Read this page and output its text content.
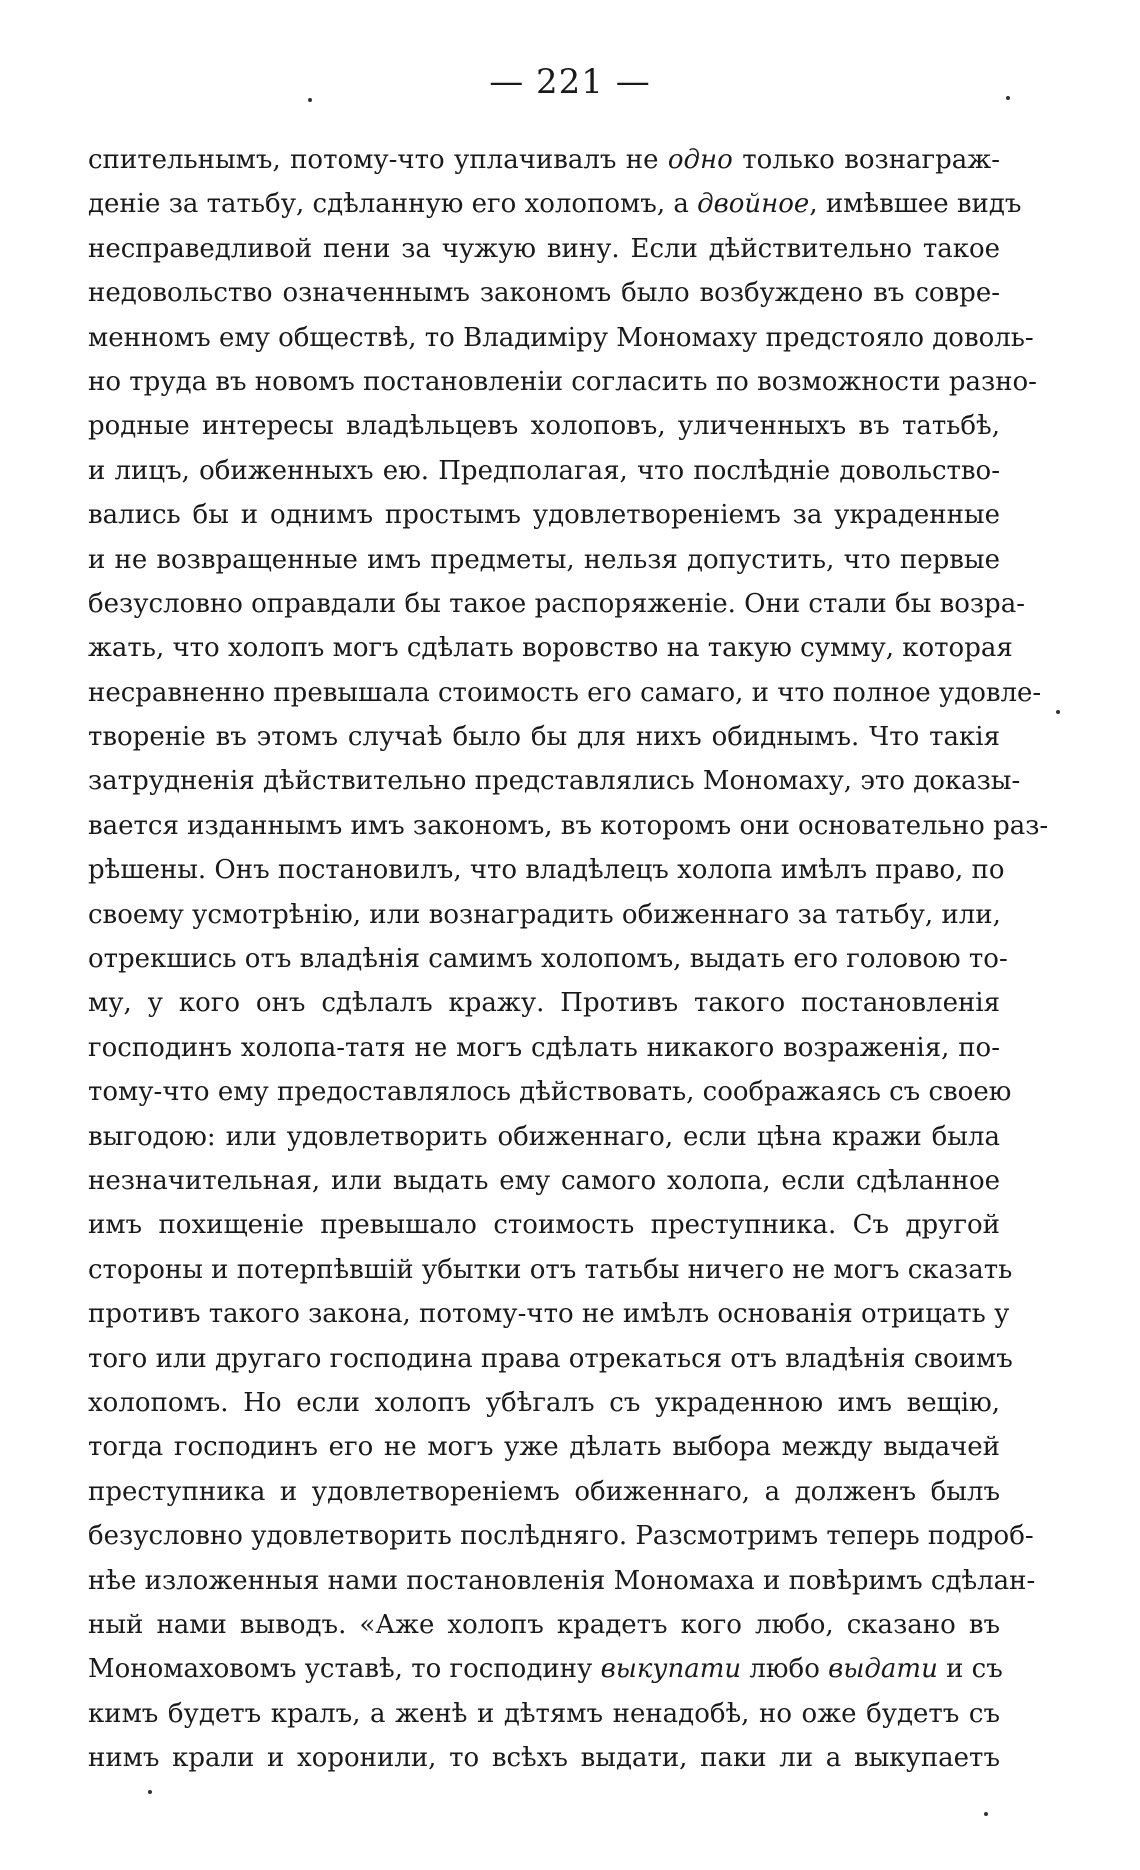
— 221 —

спительнымъ, потому-что уплачивалъ не одно только вознаграж-
деніе за татьбу, сдѣланную его холопомъ, а двойное, имѣвшее видъ
несправедливой пени за чужую вину. Если дѣйствительно такое
недовольство означеннымъ закономъ было возбуждено въ совре-
менномъ ему обществѣ, то Владиміру Мономаху предстояло доволь-
но труда въ новомъ постановленіи согласить по возможности разно-
родные интересы владѣльцевъ холоповъ, уличенныхъ въ татьбѣ,
и лицъ, обиженныхъ ею. Предполагая, что послѣдніе довольство-
вались бы и однимъ простымъ удовлетвореніемъ за украденные
и не возвращенные имъ предметы, нельзя допустить, что первые
безусловно оправдали бы такое распоряженіе. Они стали бы возра-
жать, что холопъ могъ сдѣлать воровство на такую сумму, которая
несравненно превышала стоимость его самаго, и что полное удовле-
твореніе въ этомъ случаѣ было бы для нихъ обиднымъ. Что такія
затрудненія дѣйствительно представлялись Мономаху, это доказы-
вается изданнымъ имъ закономъ, въ которомъ они основательно раз-
рѣшены. Онъ постановилъ, что владѣлецъ холопа имѣлъ право, по
своему усмотрѣнію, или вознаградить обиженнаго за татьбу, или,
отрекшись отъ владѣнія самимъ холопомъ, выдать его головою то-
му, у кого онъ сдѣлалъ кражу. Противъ такого постановленія
господинъ холопа-татя не могъ сдѣлать никакого возраженія, по-
тому-что ему предоставлялось дѣйствовать, соображаясь съ своею
выгодою: или удовлетворить обиженнаго, если цѣна кражи была
незначительная, или выдать ему самого холопа, если сдѣланное
имъ похищеніе превышало стоимость преступника. Съ другой
стороны и потерпѣвшій убытки отъ татьбы ничего не могъ сказать
противъ такого закона, потому-что не имѣлъ основанія отрицать у
того или другаго господина права отрекаться отъ владѣнія своимъ
холопомъ. Но если холопъ убѣгалъ съ украденною имъ вещію,
тогда господинъ его не могъ уже дѣлать выбора между выдачей
преступника и удовлетвореніемъ обиженнаго, а долженъ былъ
безусловно удовлетворить послѣдняго. Разсмотримъ теперь подроб-
нѣе изложенныя нами постановленія Мономаха и повѣримъ сдѣлан-
ный нами выводъ. «Аже холопъ крадетъ кого любо, сказано въ
Мономаховомъ уставѣ, то господину выкупати любо выдати и съ
кимъ будетъ кралъ, а женѣ и дѣтямъ ненадобѣ, но оже будетъ съ
нимъ крали и хоронили, то всѣхъ выдати, паки ли а выкупаетъ
